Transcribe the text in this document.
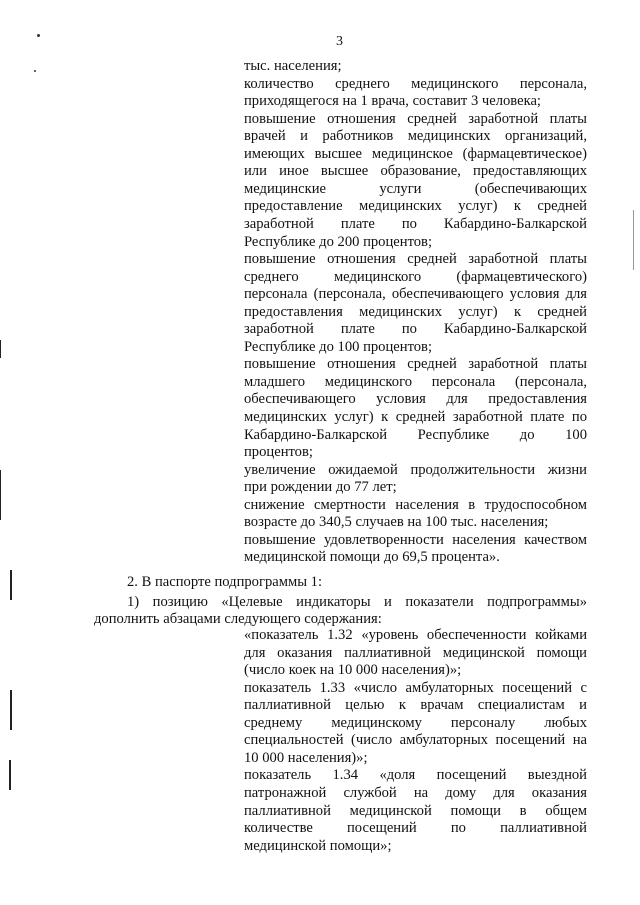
3
тыс. населения;
количество среднего медицинского персонала,
приходящегося на 1 врача, составит 3 человека;
повышение отношения средней заработной платы
врачей и работников медицинских организаций,
имеющих высшее медицинское (фармацевтическое)
или иное высшее образование, предоставляющих
медицинские услуги (обеспечивающих
предоставление медицинских услуг) к средней
заработной плате по Кабардино-Балкарской
Республике до 200 процентов;
повышение отношения средней заработной платы
среднего медицинского (фармацевтического)
персонала (персонала, обеспечивающего условия для
предоставления медицинских услуг) к средней
заработной плате по Кабардино-Балкарской
Республике до 100 процентов;
повышение отношения средней заработной платы
младшего медицинского персонала (персонала,
обеспечивающего условия для предоставления
медицинских услуг) к средней заработной плате по
Кабардино-Балкарской Республике до 100
процентов;
увеличение ожидаемой продолжительности жизни
при рождении до 77 лет;
снижение смертности населения в трудоспособном
возрасте до 340,5 случаев на 100 тыс. населения;
повышение удовлетворенности населения качеством
медицинской помощи до 69,5 процента».
2. В паспорте подпрограммы 1:
1) позицию «Целевые индикаторы и показатели подпрограммы»
дополнить абзацами следующего содержания:
«показатель 1.32 «уровень обеспеченности койками
для оказания паллиативной медицинской помощи
(число коек на 10 000 населения)»;
показатель 1.33 «число амбулаторных посещений с
паллиативной целью к врачам специалистам и
среднему медицинскому персоналу любых
специальностей (число амбулаторных посещений на
10 000 населения)»;
показатель 1.34 «доля посещений выездной
патронажной службой на дому для оказания
паллиативной медицинской помощи в общем
количестве посещений по паллиативной
медицинской помощи»;
